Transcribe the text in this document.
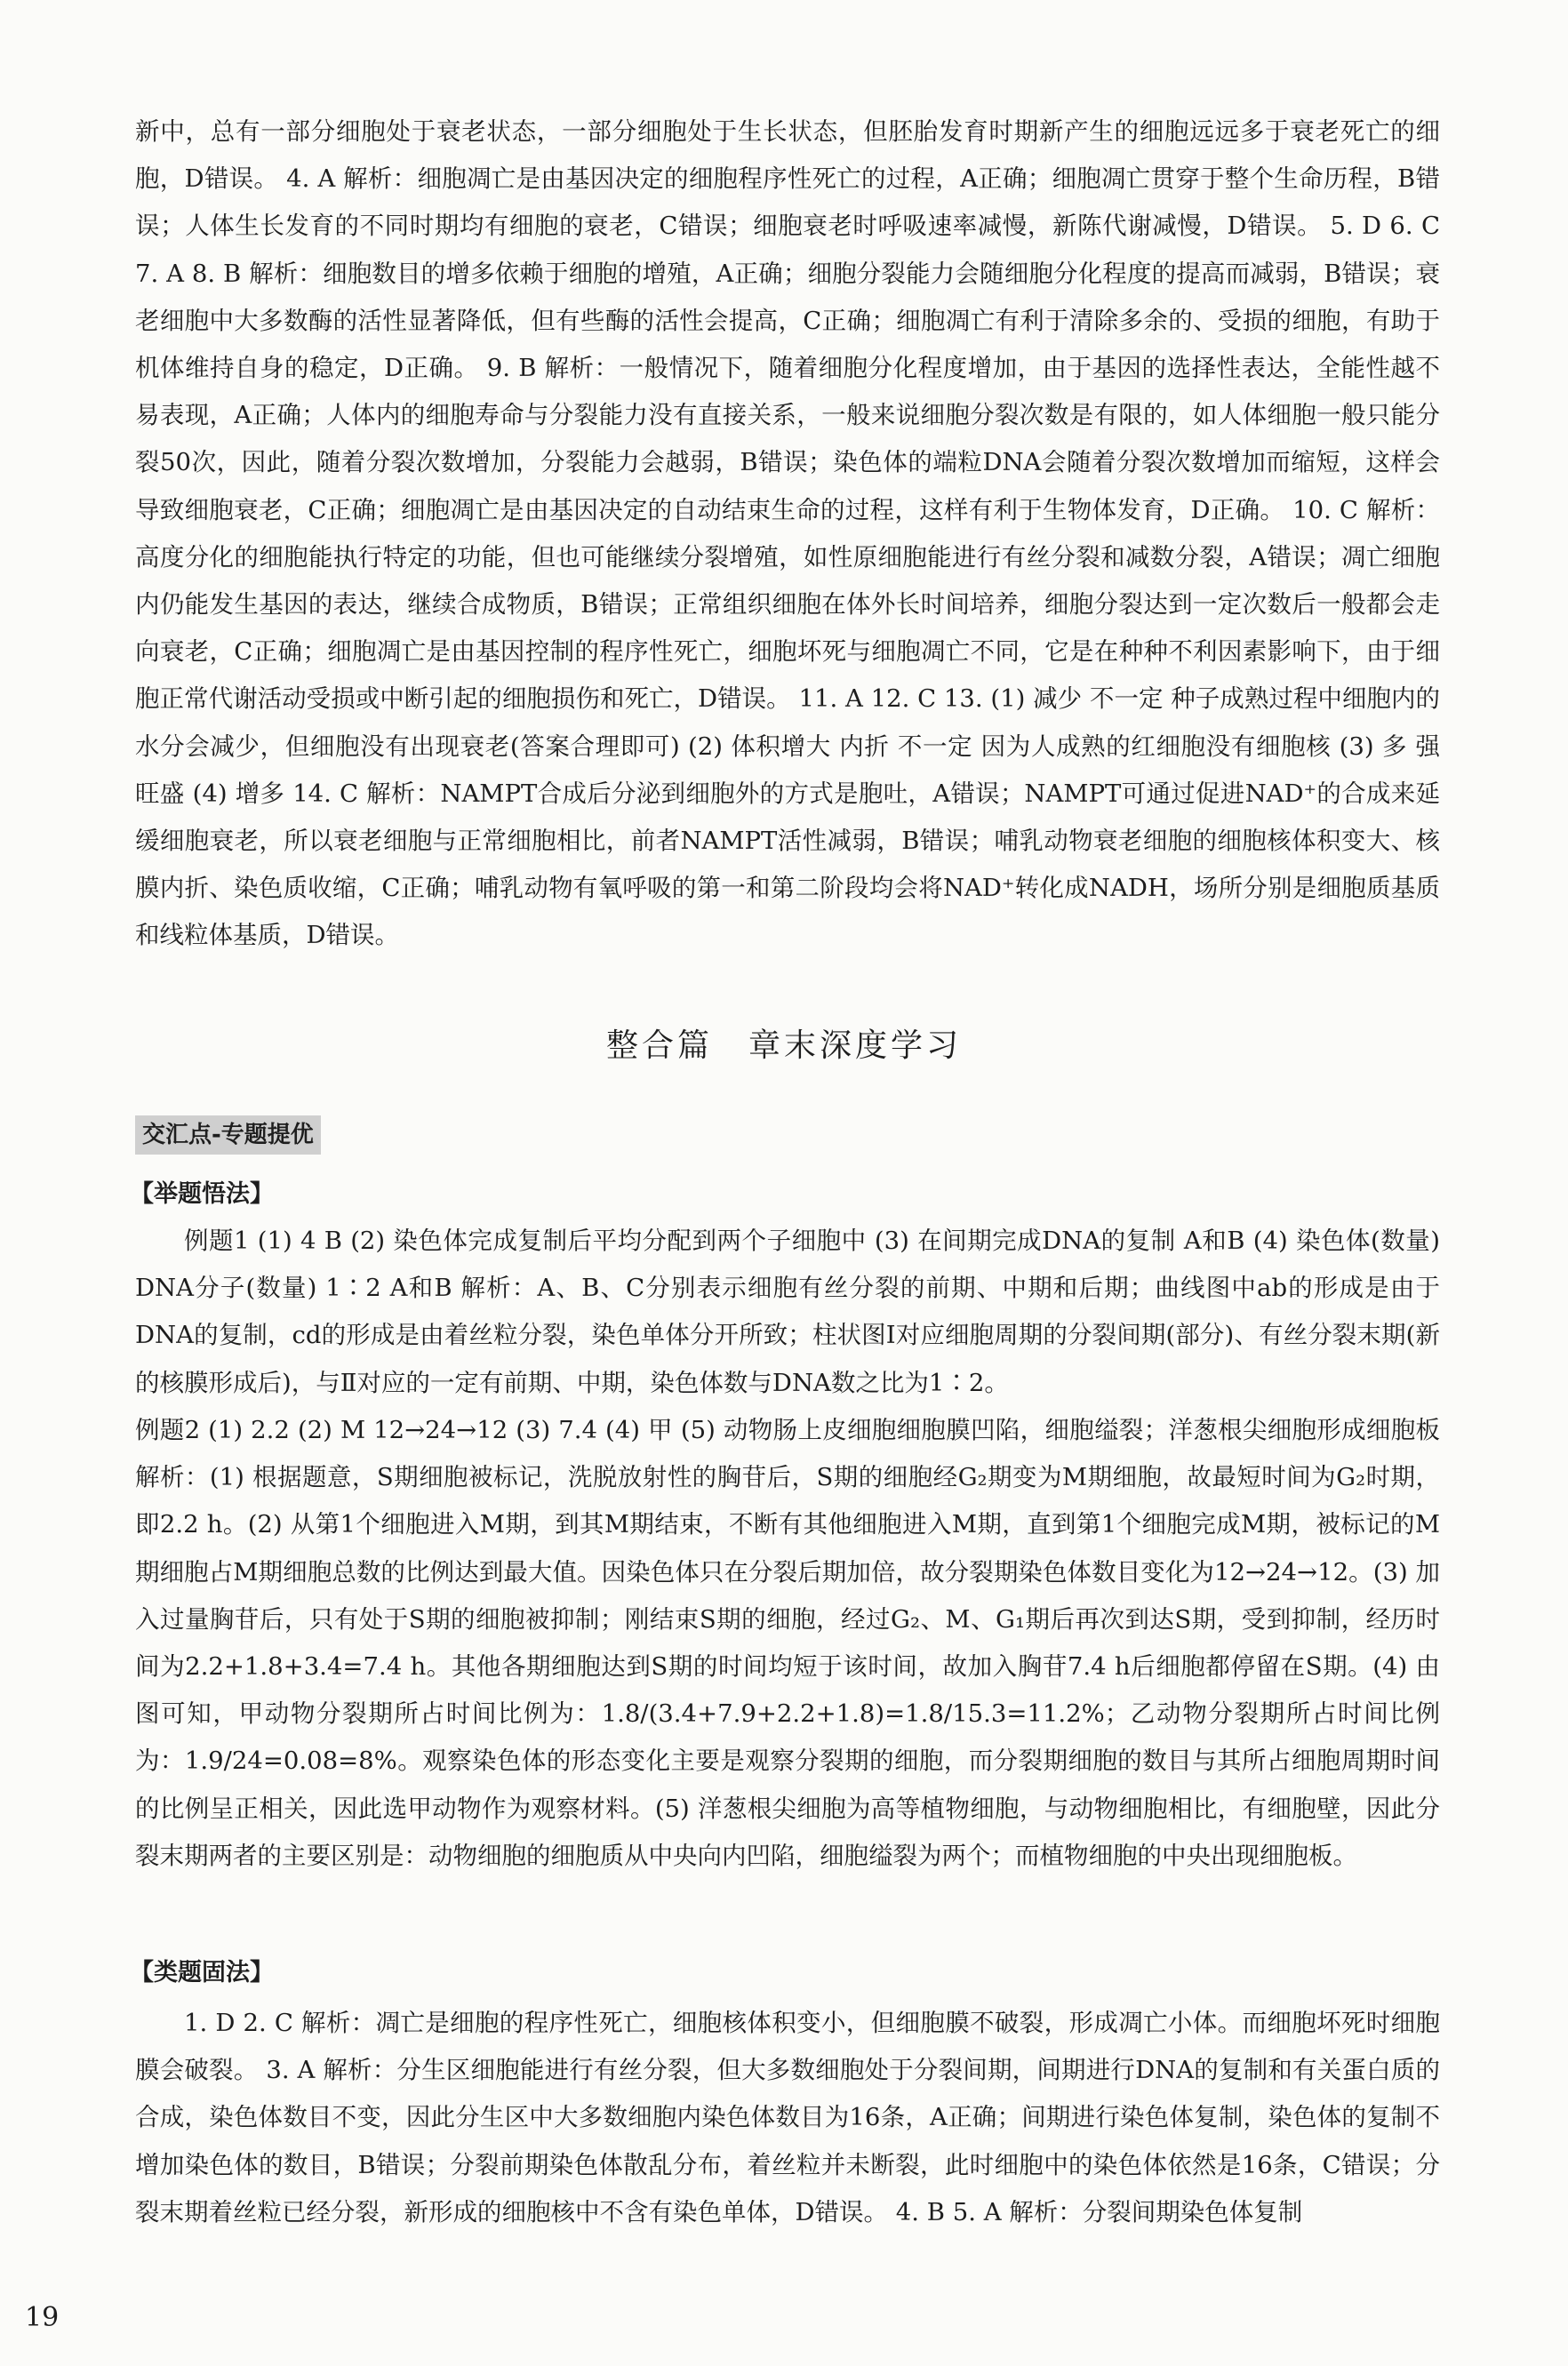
新中，总有一部分细胞处于衰老状态，一部分细胞处于生长状态，但胚胎发育时期新产生的细胞远远多于衰老死亡的细胞，D错误。 4. A 解析：细胞凋亡是由基因决定的细胞程序性死亡的过程，A正确；细胞凋亡贯穿于整个生命历程，B错误；人体生长发育的不同时期均有细胞的衰老，C错误；细胞衰老时呼吸速率减慢，新陈代谢减慢，D错误。 5. D 6. C 7. A 8. B 解析：细胞数目的增多依赖于细胞的增殖，A正确；细胞分裂能力会随细胞分化程度的提高而减弱，B错误；衰老细胞中大多数酶的活性显著降低，但有些酶的活性会提高，C正确；细胞凋亡有利于清除多余的、受损的细胞，有助于机体维持自身的稳定，D正确。 9. B 解析：一般情况下，随着细胞分化程度增加，由于基因的选择性表达，全能性越不易表现，A正确；人体内的细胞寿命与分裂能力没有直接关系，一般来说细胞分裂次数是有限的，如人体细胞一般只能分裂50次，因此，随着分裂次数增加，分裂能力会越弱，B错误；染色体的端粒DNA会随着分裂次数增加而缩短，这样会导致细胞衰老，C正确；细胞凋亡是由基因决定的自动结束生命的过程，这样有利于生物体发育，D正确。 10. C 解析：高度分化的细胞能执行特定的功能，但也可能继续分裂增殖，如性原细胞能进行有丝分裂和减数分裂，A错误；凋亡细胞内仍能发生基因的表达，继续合成物质，B错误；正常组织细胞在体外长时间培养，细胞分裂达到一定次数后一般都会走向衰老，C正确；细胞凋亡是由基因控制的程序性死亡，细胞坏死与细胞凋亡不同，它是在种种不利因素影响下，由于细胞正常代谢活动受损或中断引起的细胞损伤和死亡，D错误。 11. A 12. C 13. (1) 减少 不一定 种子成熟过程中细胞内的水分会减少，但细胞没有出现衰老(答案合理即可) (2) 体积增大 内折 不一定 因为人成熟的红细胞没有细胞核 (3) 多 强 旺盛 (4) 增多 14. C 解析：NAMPT合成后分泌到细胞外的方式是胞吐，A错误；NAMPT可通过促进NAD⁺的合成来延缓细胞衰老，所以衰老细胞与正常细胞相比，前者NAMPT活性减弱，B错误；哺乳动物衰老细胞的细胞核体积变大、核膜内折、染色质收缩，C正确；哺乳动物有氧呼吸的第一和第二阶段均会将NAD⁺转化成NADH，场所分别是细胞质基质和线粒体基质，D错误。

整合篇　章末深度学习
交汇点-专题提优
【举题悟法】

例题1 (1) 4 B (2) 染色体完成复制后平均分配到两个子细胞中 (3) 在间期完成DNA的复制 A和B (4) 染色体(数量) DNA分子(数量) 1∶2 A和B 解析：A、B、C分别表示细胞有丝分裂的前期、中期和后期；曲线图中ab的形成是由于DNA的复制，cd的形成是由着丝粒分裂，染色单体分开所致；柱状图Ⅰ对应细胞周期的分裂间期(部分)、有丝分裂末期(新的核膜形成后)，与Ⅱ对应的一定有前期、中期，染色体数与DNA数之比为1∶2。

例题2 (1) 2.2 (2) M 12→24→12 (3) 7.4 (4) 甲 (5) 动物肠上皮细胞细胞膜凹陷，细胞缢裂；洋葱根尖细胞形成细胞板 解析：(1) 根据题意，S期细胞被标记，洗脱放射性的胸苷后，S期的细胞经G₂期变为M期细胞，故最短时间为G₂时期，即2.2 h。(2) 从第1个细胞进入M期，到其M期结束，不断有其他细胞进入M期，直到第1个细胞完成M期，被标记的M期细胞占M期细胞总数的比例达到最大值。因染色体只在分裂后期加倍，故分裂期染色体数目变化为12→24→12。(3) 加入过量胸苷后，只有处于S期的细胞被抑制；刚结束S期的细胞，经过G₂、M、G₁期后再次到达S期，受到抑制，经历时间为2.2+1.8+3.4=7.4 h。其他各期细胞达到S期的时间均短于该时间，故加入胸苷7.4 h后细胞都停留在S期。(4) 由图可知，甲动物分裂期所占时间比例为：1.8/(3.4+7.9+2.2+1.8)=1.8/15.3=11.2%；乙动物分裂期所占时间比例为：1.9/24=0.08=8%。观察染色体的形态变化主要是观察分裂期的细胞，而分裂期细胞的数目与其所占细胞周期时间的比例呈正相关，因此选甲动物作为观察材料。(5) 洋葱根尖细胞为高等植物细胞，与动物细胞相比，有细胞壁，因此分裂末期两者的主要区别是：动物细胞的细胞质从中央向内凹陷，细胞缢裂为两个；而植物细胞的中央出现细胞板。

【类题固法】

1. D 2. C 解析：凋亡是细胞的程序性死亡，细胞核体积变小，但细胞膜不破裂，形成凋亡小体。而细胞坏死时细胞膜会破裂。 3. A 解析：分生区细胞能进行有丝分裂，但大多数细胞处于分裂间期，间期进行DNA的复制和有关蛋白质的合成，染色体数目不变，因此分生区中大多数细胞内染色体数目为16条，A正确；间期进行染色体复制，染色体的复制不增加染色体的数目，B错误；分裂前期染色体散乱分布，着丝粒并未断裂，此时细胞中的染色体依然是16条，C错误；分裂末期着丝粒已经分裂，新形成的细胞核中不含有染色单体，D错误。 4. B 5. A 解析：分裂间期染色体复制

19
